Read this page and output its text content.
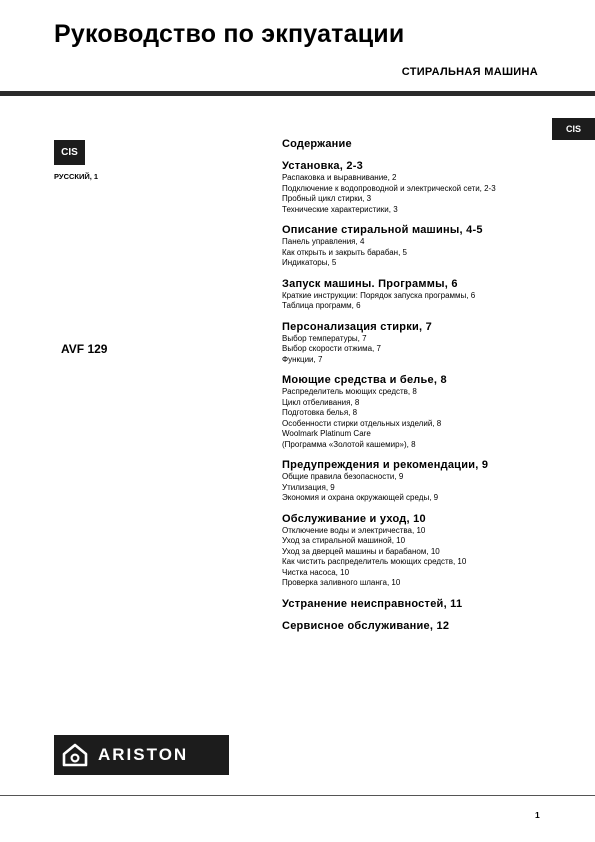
Руководство по экпуатации
СТИРАЛЬНАЯ МАШИНА
CIS
CIS
РУССКИЙ, 1
AVF 129
Содержание
Установка, 2-3
Распаковка и выравнивание, 2
Подключение к водопроводной и электрической сети, 2-3
Пробный цикл стирки, 3
Технические характеристики, 3
Описание стиральной машины, 4-5
Панель управления, 4
Как открыть и закрыть барабан, 5
Индикаторы, 5
Запуск машины. Программы, 6
Краткие инструкции: Порядок запуска программы, 6
Таблица программ, 6
Персонализация стирки, 7
Выбор температуры, 7
Выбор скорости отжима, 7
Функции, 7
Моющие средства и белье, 8
Распределитель моющих средств, 8
Цикл отбеливания, 8
Подготовка белья, 8
Особенности стирки отдельных изделий, 8
Woolmark Platinum Care
(Программа «Золотой кашемир»), 8
Предупреждения и рекомендации, 9
Общие правила безопасности, 9
Утилизация, 9
Экономия и охрана окружающей среды, 9
Обслуживание и уход, 10
Отключение воды и электричества, 10
Уход за стиральной машиной, 10
Уход за дверцей машины и барабаном, 10
Как чистить распределитель моющих средств, 10
Чистка насоса, 10
Проверка заливного шланга, 10
Устранение неисправностей, 11
Сервисное обслуживание, 12
ARISTON
1
